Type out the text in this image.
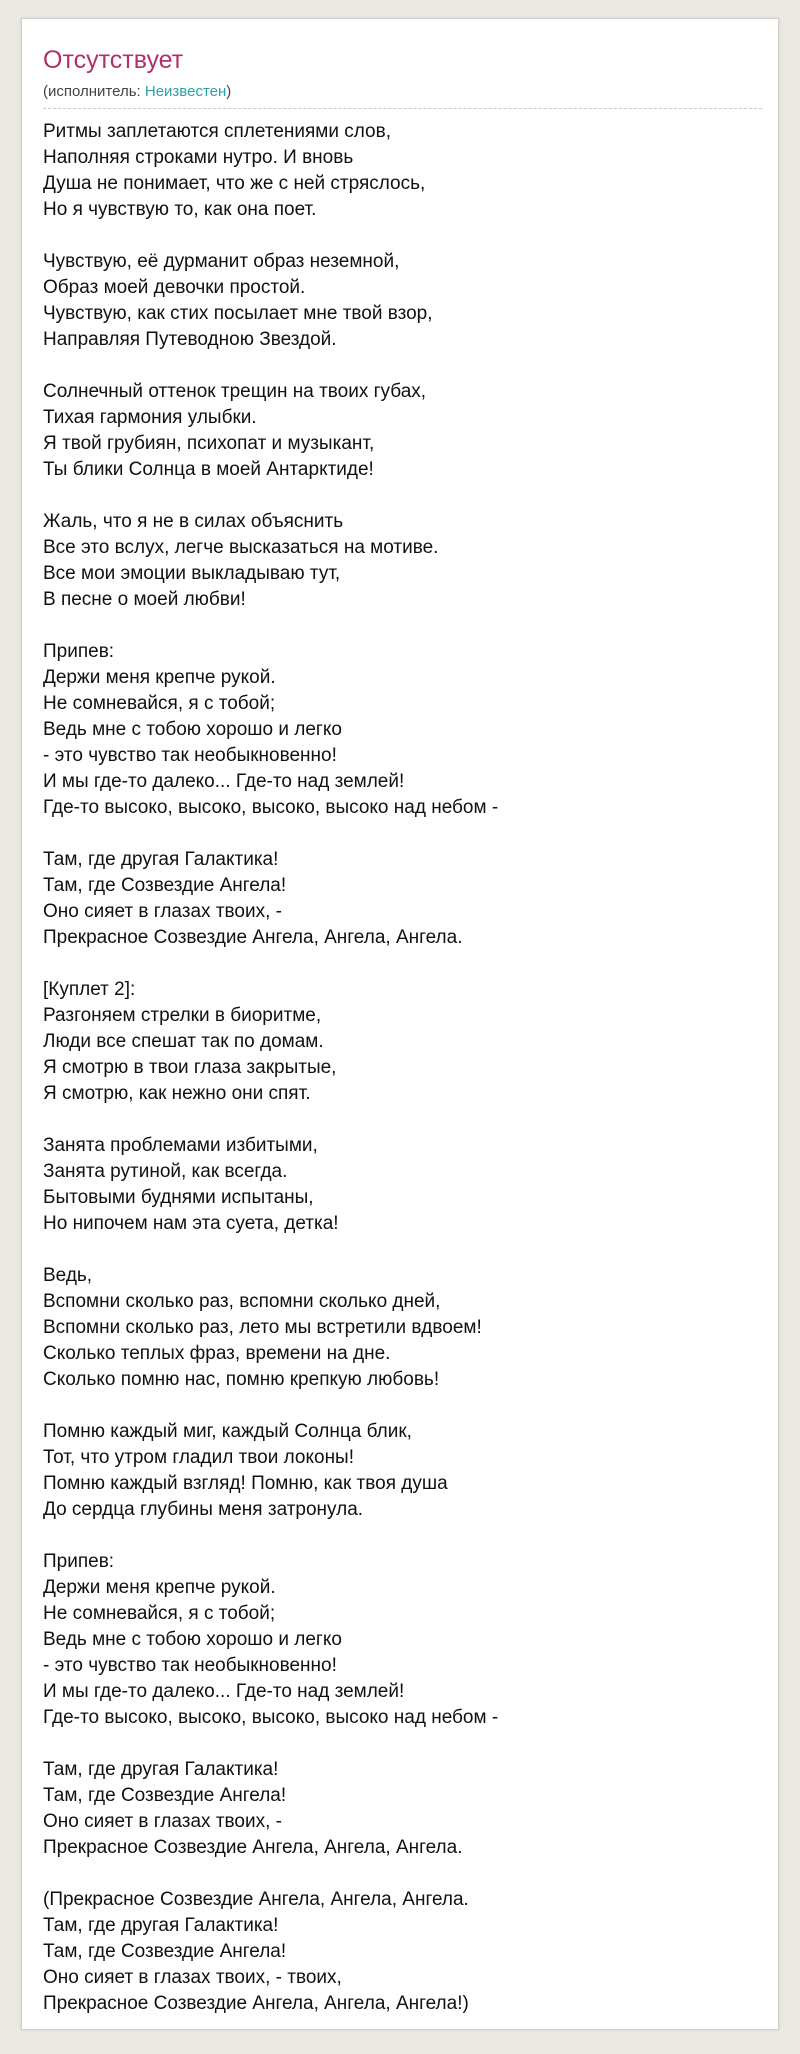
Отсутствует
(исполнитель: Неизвестен)
Ритмы заплетаются сплетениями слов,
Наполняя строками нутро. И вновь
Душа не понимает, что же с ней стряслось,
Но я чувствую то, как она поет.
Чувствую, её дурманит образ неземной,
Образ моей девочки простой.
Чувствую, как стих посылает мне твой взор,
Направляя Путеводною Звездой.
Солнечный оттенок трещин на твоих губах,
Тихая гармония улыбки.
Я твой грубиян, психопат и музыкант,
Ты блики Солнца в моей Антарктиде!
Жаль, что я не в силах объяснить
Все это вслух, легче высказаться на мотиве.
Все мои эмоции выкладываю тут,
В песне о моей любви!
Припев:
Держи меня крепче рукой.
Не сомневайся, я с тобой;
Ведь мне с тобою хорошо и легко
- это чувство так необыкновенно!
И мы где-то далеко... Где-то над землей!
Где-то высоко, высоко, высоко, высоко над небом -
Там, где другая Галактика!
Там, где Созвездие Ангела!
Оно сияет в глазах твоих, -
Прекрасное Созвездие Ангела, Ангела, Ангела.
[Куплет 2]:
Разгоняем стрелки в биоритме,
Люди все спешат так по домам.
Я смотрю в твои глаза закрытые,
Я смотрю, как нежно они спят.
Занята проблемами избитыми,
Занята рутиной, как всегда.
Бытовыми буднями испытаны,
Но нипочем нам эта суета, детка!
Ведь,
Вспомни сколько раз, вспомни сколько дней,
Вспомни сколько раз, лето мы встретили вдвоем!
Сколько теплых фраз, времени на дне.
Сколько помню нас, помню крепкую любовь!
Помню каждый миг, каждый Солнца блик,
Тот, что утром гладил твои локоны!
Помню каждый взгляд! Помню, как твоя душа
До сердца глубины меня затронула.
Припев:
Держи меня крепче рукой.
Не сомневайся, я с тобой;
Ведь мне с тобою хорошо и легко
- это чувство так необыкновенно!
И мы где-то далеко... Где-то над землей!
Где-то высоко, высоко, высоко, высоко над небом -
Там, где другая Галактика!
Там, где Созвездие Ангела!
Оно сияет в глазах твоих, -
Прекрасное Созвездие Ангела, Ангела, Ангела.
(Прекрасное Созвездие Ангела, Ангела, Ангела.
Там, где другая Галактика!
Там, где Созвездие Ангела!
Оно сияет в глазах твоих, - твоих,
Прекрасное Созвездие Ангела, Ангела, Ангела!)
